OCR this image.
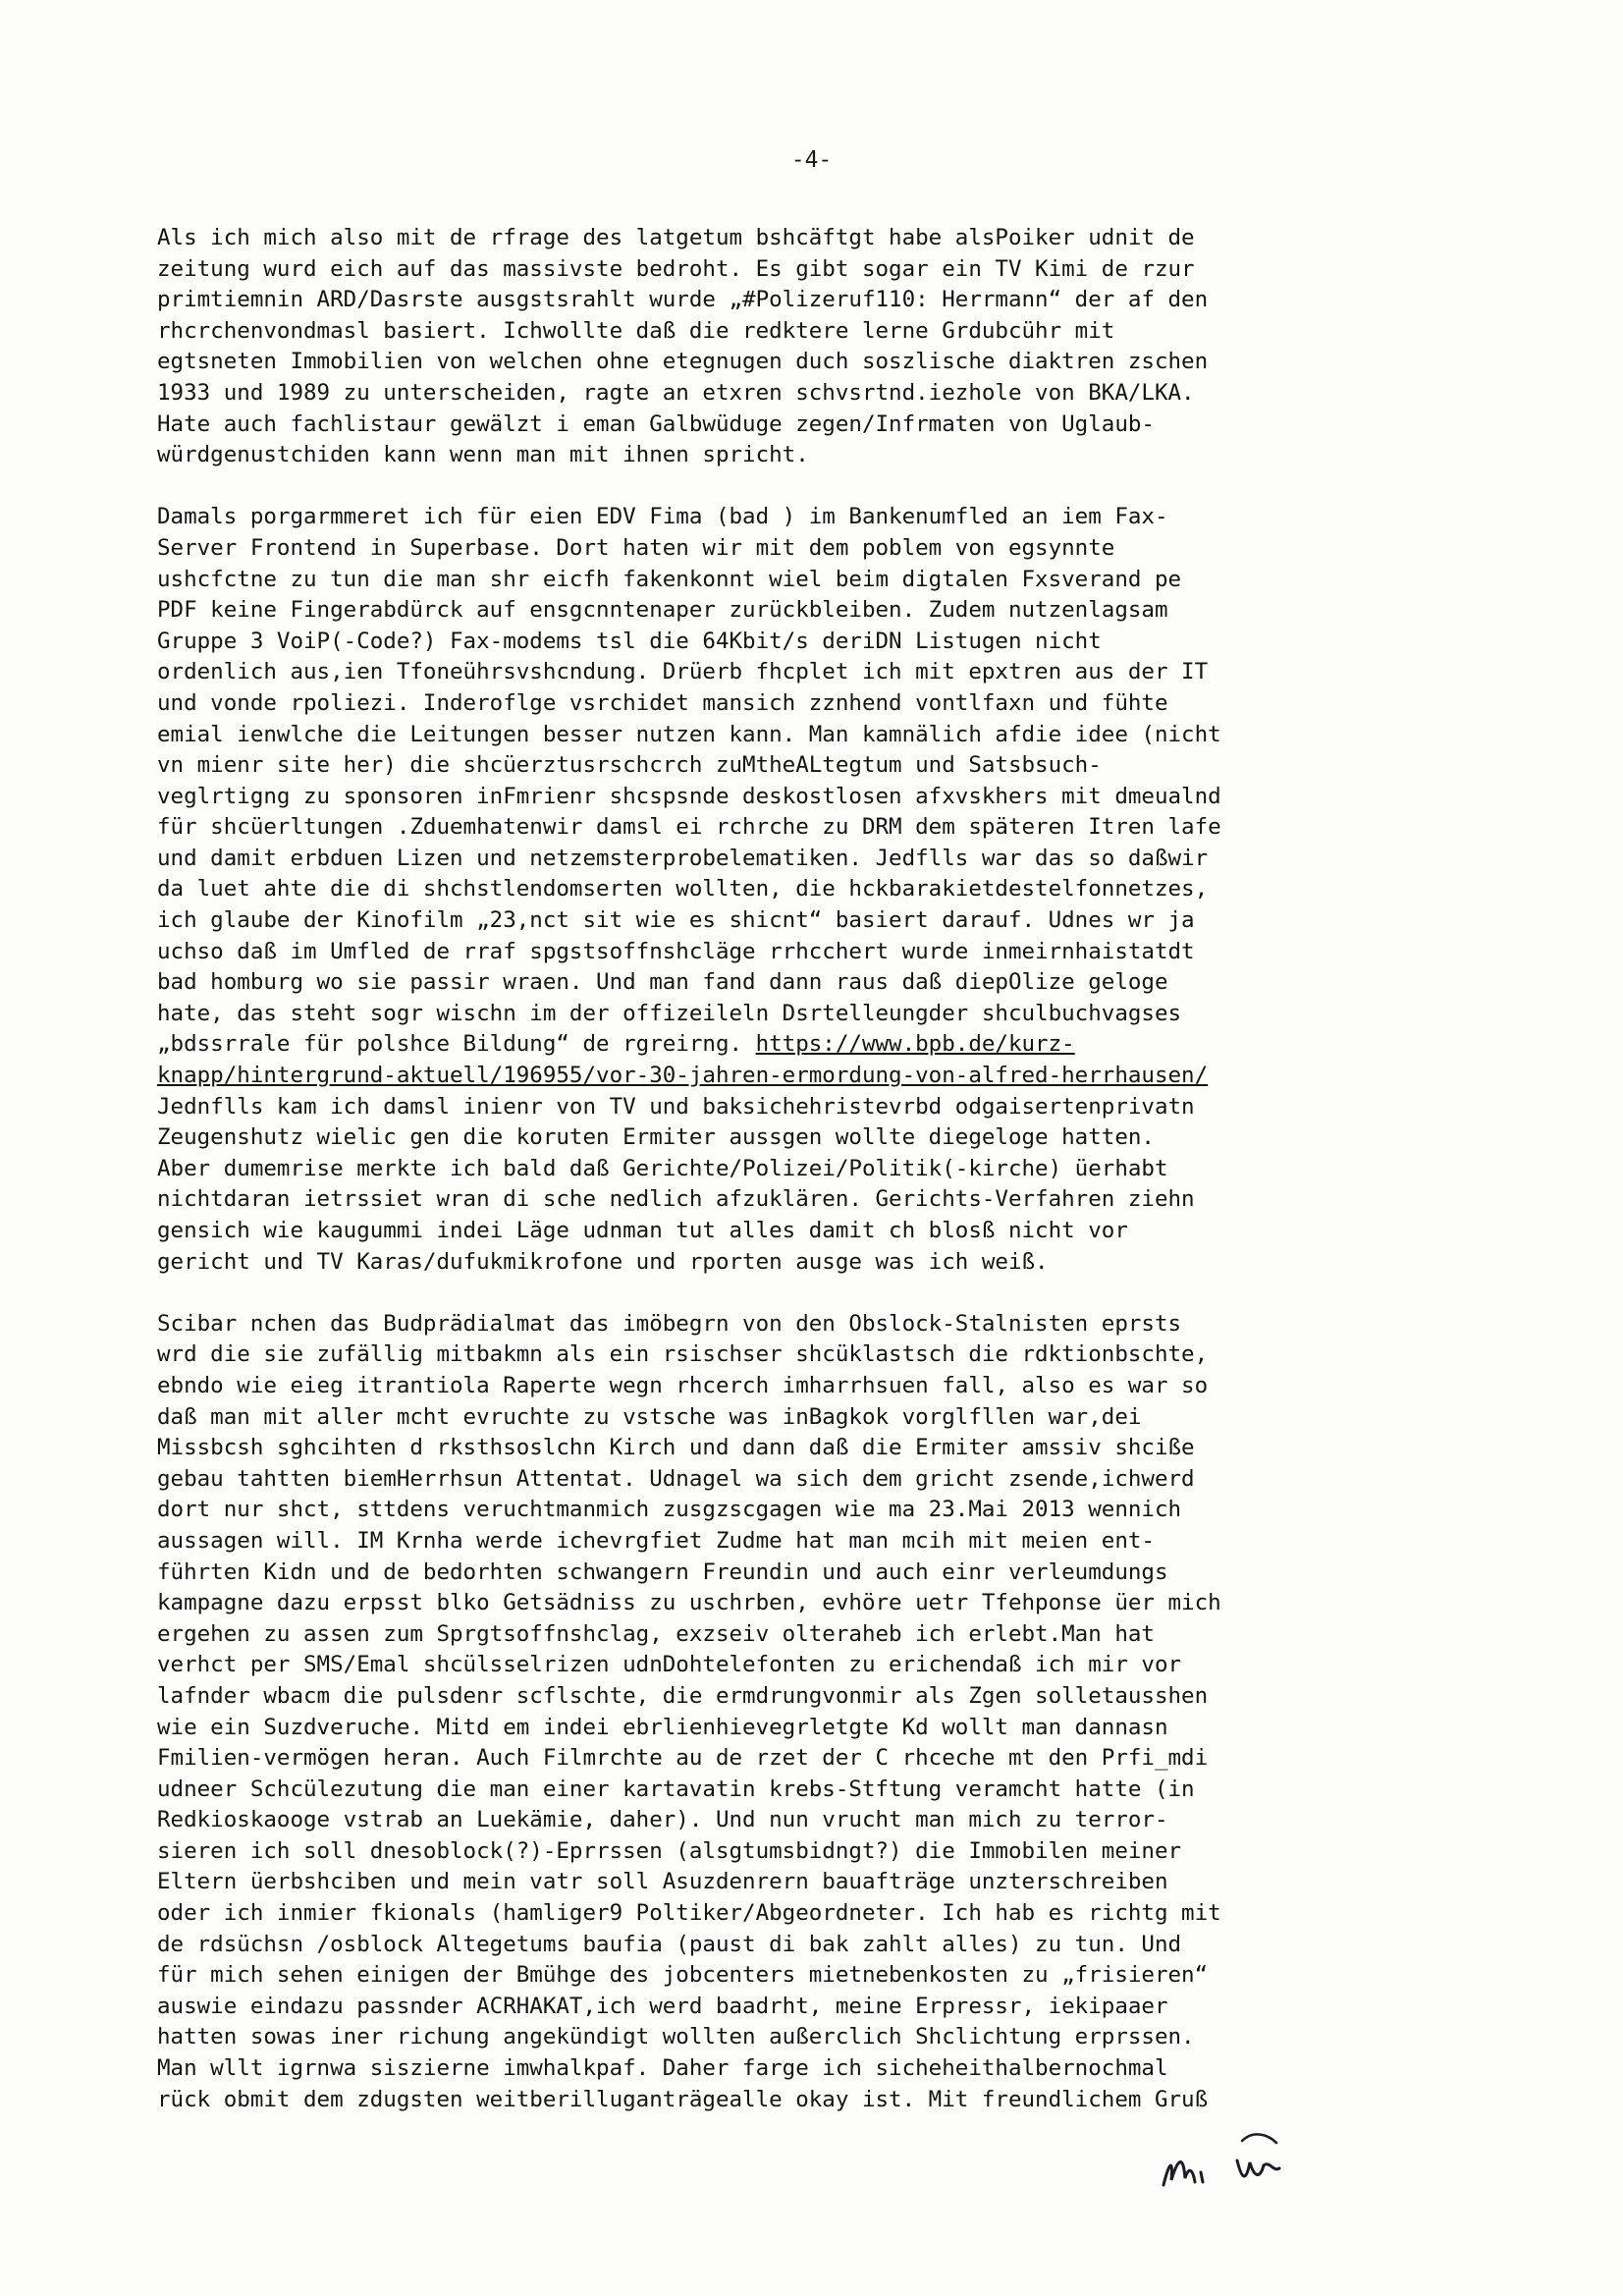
-4-
Als ich mich also mit de rfrage des latgetum bshcäftgt habe alsPoiker udnit de
zeitung wurd eich auf das massivste bedroht. Es gibt sogar ein TV Kimi de rzur
primtiemnin ARD/Dasrste ausgstsrahlt wurde „#Polizeruf110: Herrmann“ der af den
rhcrchenvondmasl basiert. Ichwollte daß die redktere lerne Grdubcühr mit
egtsneten Immobilien von welchen ohne etegnugen duch soszlische diaktren zschen
1933 und 1989 zu unterscheiden, ragte an etxren schvsrtnd.iezhole von BKA/LKA.
Hate auch fachlistaur gewälzt i eman Galbwüduge zegen/Infrmaten von Uglaub-
würdgenustchiden kann wenn man mit ihnen spricht.
Damals porgarmmeret ich für eien EDV Fima (bad ) im Bankenumfled an iem Fax-
Server Frontend in Superbase. Dort haten wir mit dem poblem von egsynnte
ushcfctne zu tun die man shr eicfh fakenkonnt wiel beim digtalen Fxsverand pe
PDF keine Fingerabdürck auf ensgcnntenaper zurückbleiben. Zudem nutzenlagsam
Gruppe 3 VoiP(-Code?) Fax-modems tsl die 64Kbit/s deriDN Listugen nicht
ordenlich aus,ien Tfoneührsvshcndung. Drüerb fhcplet ich mit epxtren aus der IT
und vonde rpoliezi. Inderoflge vsrchidet mansich zznhend vontlfaxn und fühte
emial ienwlche die Leitungen besser nutzen kann. Man kamnälich afdie idee (nicht
vn mienr site her) die shcüerztusrschcrch zuMtheALtegtum und Satsbsuch-
veglrtigng zu sponsoren inFmrienr shcspsnde deskostlosen afxvskhers mit dmeualnd
für shcüerltungen .Zduemhatenwir damsl ei rchrche zu DRM dem späteren Itren lafe
und damit erbduen Lizen und netzemsterprobelematiken. Jedflls war das so daßwir
da luet ahte die di shchstlendomserten wollten, die hckbarakietdestelfonnetzes,
ich glaube der Kinofilm „23,nct sit wie es shicnt“ basiert darauf. Udnes wr ja
uchso daß im Umfled de rraf spgstsoffnshcläge rrhcchert wurde inmeirnhaistatdt
bad homburg wo sie passir wraen. Und man fand dann raus daß diepOlize geloge
hate, das steht sogr wischn im der offizeileln Dsrtelleungder shculbuchvagses
„bdssrrale für polshce Bildung“ de rgreirng. https://www.bpb.de/kurz-
knapp/hintergrund-aktuell/196955/vor-30-jahren-ermordung-von-alfred-herrhausen/
Jednflls kam ich damsl inienr von TV und baksichehristevrbd odgaisertenprivatn
Zeugenshutz wielic gen die koruten Ermiter aussgen wollte diegeloge hatten.
Aber dumemrise merkte ich bald daß Gerichte/Polizei/Politik(-kirche) üerhabt
nichtdaran ietrssiet wran di sche nedlich afzuklären. Gerichts-Verfahren ziehn
gensich wie kaugummi indei Läge udnman tut alles damit ch blosß nicht vor
gericht und TV Karas/dufukmikrofone und rporten ausge was ich weiß.
Scibar nchen das Budprädialmat das imöbegrn von den Obslock-Stalnisten eprsts
wrd die sie zufällig mitbakmn als ein rsischser shcüklastsch die rdktionbschte,
ebndo wie eieg itrantiola Raperte wegn rhcerch imharrhsuen fall, also es war so
daß man mit aller mcht evruchte zu vstsche was inBagkok vorglfllen war,dei
Missbcsh sghcihten d rksthsoslchn Kirch und dann daß die Ermiter amssiv shcißе
gebau tahtten biemHerrhsun Attentat. Udnagel wa sich dem gricht zsende,ichwerd
dort nur shct, sttdens veruchtmanmich zusgzscgagen wie ma 23.Mai 2013 wennich
aussagen will. IM Krnha werde ichevrgfiet Zudme hat man mcih mit meien ent-
führten Kidn und de bedorhten schwangern Freundin und auch einr verleumdungs
kampagne dazu erpsst blko Getsädniss zu uschrben, evhöre uetr Tfehponse üer mich
ergehen zu assen zum Sprgtsoffnshclag, exzseiv olteraheb ich erlebt.Man hat
verhct per SMS/Emal shcülsselrizen udnDohtelefonten zu erichendaß ich mir vor
lafnder wbacm die pulsdenr scflschte, die ermdrungvonmir als Zgen solletausshen
wie ein Suzdveruche. Mitd em indei ebrlienhievegrletgte Kd wollt man dannasn
Fmilien-vermögen heran. Auch Filmrchte au de rzet der C rhceche mt den Prfi_mdi
udneer Schcülezutung die man einer kartavatin krebs-Stftung veramcht hatte (in
Redkioskaooge vstrab an Luekämie, daher). Und nun vrucht man mich zu terror-
sieren ich soll dnesoblock(?)-Eprrssen (alsgtumsbidngt?) die Immobilen meiner
Eltern üerbshciben und mein vatr soll Asuzdenrern bauafträge unzterschreiben
oder ich inmier fkionals (hamliger9 Poltiker/Abgeordneter. Ich hab es richtg mit
de rdsüchsn /osblock Altegetums baufia (paust di bak zahlt alles) zu tun. Und
für mich sehen einigen der Bmühge des jobcenters mietnebenkosten zu „frisieren“
auswie eindazu passnder ACRHAKAT,ich werd baadrht, meine Erpressr, iekipaaer
hatten sowas iner richung angekündigt wollten außerclich Shclichtung erprssen.
Man wllt igrnwa siszierne imwhalkpaf. Daher farge ich sicheheithalbernochmal
rück obmit dem zdugsten weitberilluganträgealle okay ist. Mit freundlichem Gruß
